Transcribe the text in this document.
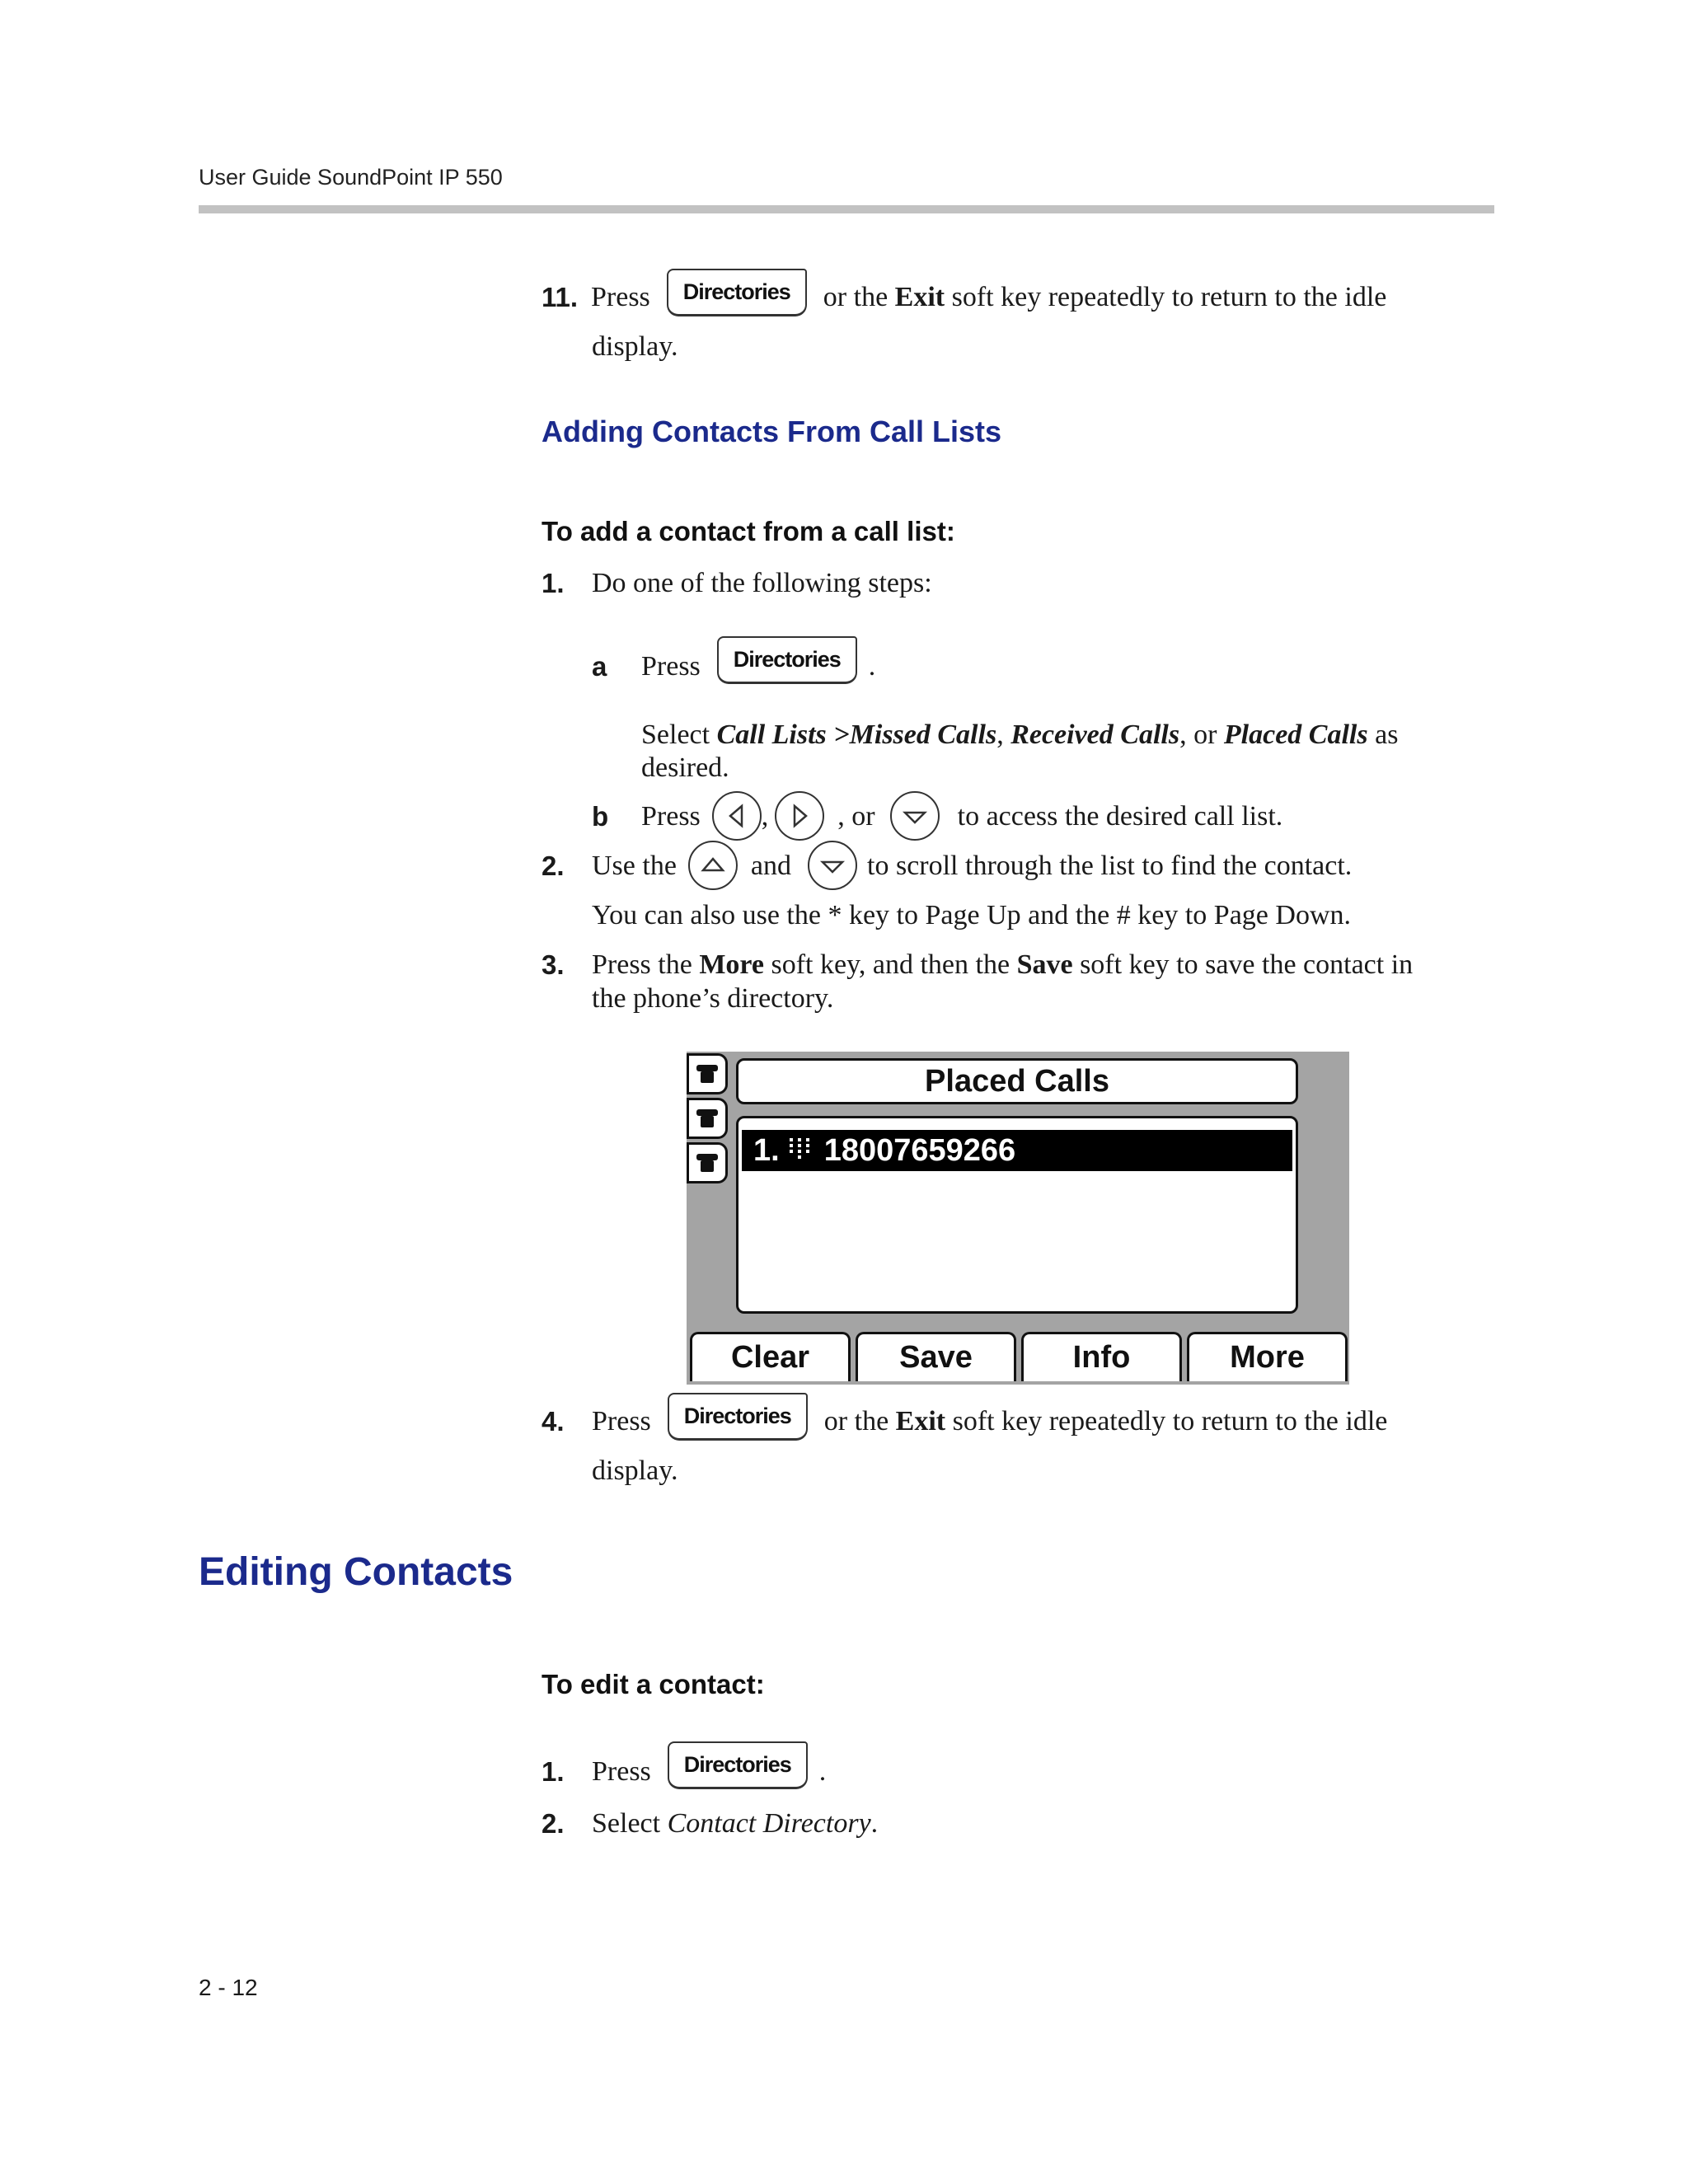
User Guide SoundPoint IP 550
11. Press	Directories	or the
Exit
soft key repeatedly to return to the idle
display.
Adding Contacts From Call Lists
To add a contact from a call list:
1. Do one of the following steps:
a	Press	Directories .
Select Call Lists >Missed Calls, Received Calls, or Placed Calls as
desired.
b	Press , , or	to access the desired call list.
2. Use the	and	to scroll through the list to find the contact.
You can also use the * key to Page Up and the # key to Page Down.
3. Press the
More
soft key, and then the
Save
soft key to save the contact in
the phone’s directory.
Placed Calls
1. 18007659266
Clear	Save	Info	More
4. Press	Directories	or the
Exit
soft key repeatedly to return to the idle
display.
Editing Contacts
To edit a contact:
1. Press	Directories .
2. Select
Contact Directory .
2 - 12
